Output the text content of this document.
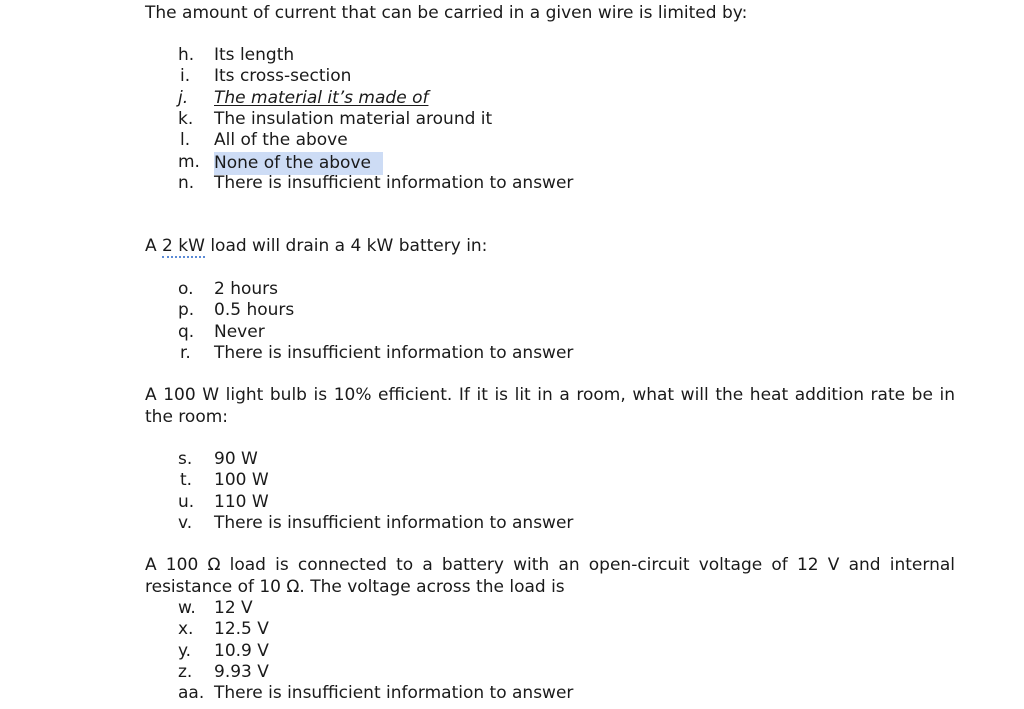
The amount of current that can be carried in a given wire is limited by:
h. Its length
i. Its cross-section
j. The material it’s made of
k. The insulation material around it
l. All of the above
m. None of the above
n. There is insufficient information to answer
A 2 kW load will drain a 4 kW battery in:
o. 2 hours
p. 0.5 hours
q. Never
r. There is insufficient information to answer
A 100 W light bulb is 10% efficient. If it is lit in a room, what will the heat addition rate be in the room:
s. 90 W
t. 100 W
u. 110 W
v. There is insufficient information to answer
A 100 Ω load is connected to a battery with an open-circuit voltage of 12 V and internal resistance of 10 Ω. The voltage across the load is
w. 12 V
x. 12.5 V
y. 10.9 V
z. 9.93 V
aa. There is insufficient information to answer
